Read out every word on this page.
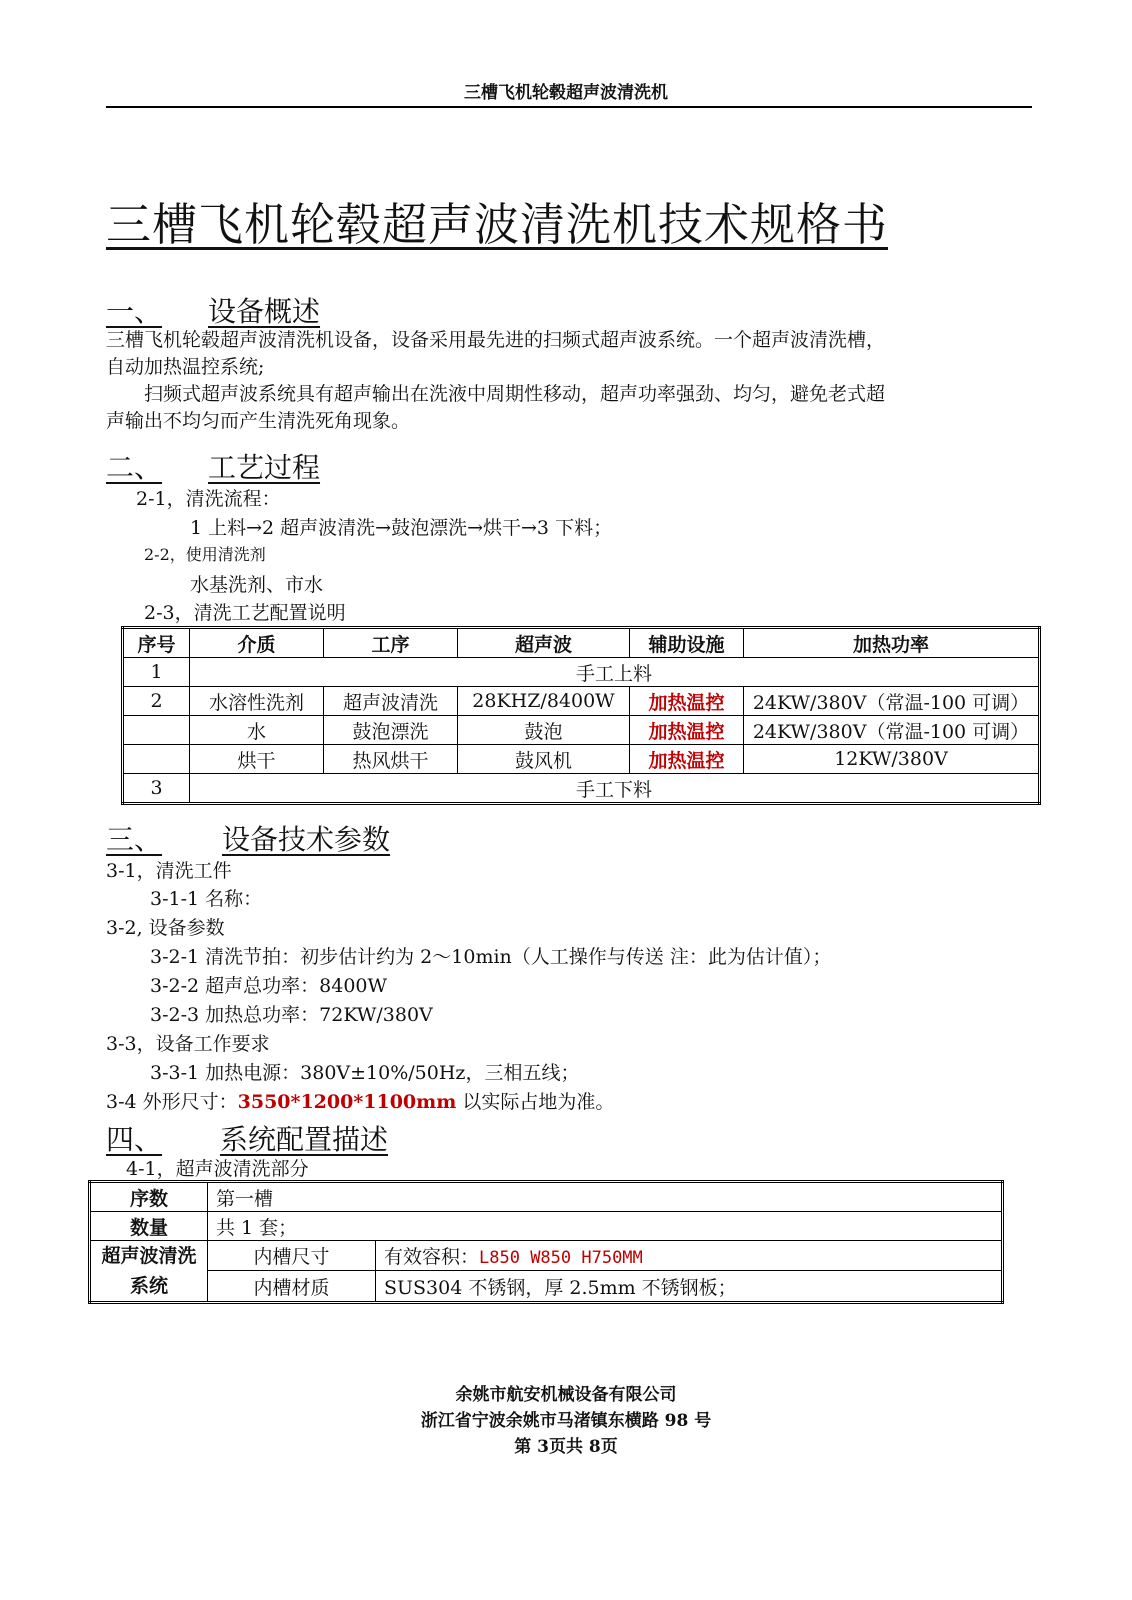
三槽飞机轮毂超声波清洗机
三槽飞机轮毂超声波清洗机技术规格书
一、 设备概述
三槽飞机轮毂超声波清洗机设备，设备采用最先进的扫频式超声波系统。一个超声波清洗槽，
自动加热温控系统;
扫频式超声波系统具有超声输出在洗液中周期性移动，超声功率强劲、均匀，避免老式超
声输出不均匀而产生清洗死角现象。
二、 工艺过程
2-1，清洗流程：
1 上料→2 超声波清洗→鼓泡漂洗→烘干→3 下料；
2-2，使用清洗剂
水基洗剂、市水
2-3，清洗工艺配置说明
序号	介质	工序	超声波	辅助设施	加热功率
1	手工上料				
2	水溶性洗剂	超声波清洗	28KHZ/8400W	加热温控	24KW/380V（常温-100 可调）
	水	鼓泡漂洗	鼓泡	加热温控	24KW/380V（常温-100 可调）
	烘干	热风烘干	鼓风机	加热温控	12KW/380V
3	手工下料				
三、 设备技术参数
3-1，清洗工件
3-1-1 名称：
3-2, 设备参数
3-2-1 清洗节拍：初步估计约为 2～10min（人工操作与传送 注：此为估计值）；
3-2-2 超声总功率：8400W
3-2-3 加热总功率：72KW/380V
3-3，设备工作要求
3-3-1 加热电源：380V±10%/50Hz，三相五线；
3-4 外形尺寸：3550*1200*1100mm 以实际占地为准。
四、 系统配置描述
4-1，超声波清洗部分
序数	第一槽	
数量	共 1 套；	
超声波清洗系统	内槽尺寸	有效容积：L850 W850 H750MM
	内槽材质	SUS304 不锈钢，厚 2.5mm 不锈钢板；
余姚市航安机械设备有限公司
浙江省宁波余姚市马渚镇东横路 98 号
第 3页共 8页
